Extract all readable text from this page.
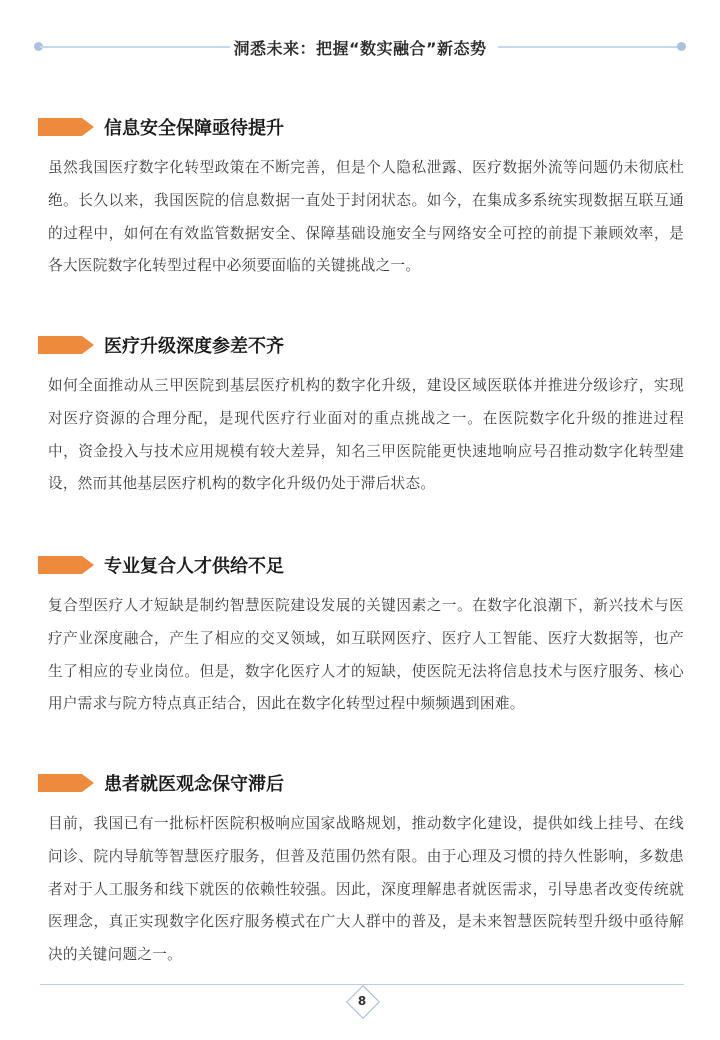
洞悉未来：把握“数实融合”新态势
信息安全保障亟待提升
虽然我国医疗数字化转型政策在不断完善，但是个人隐私泄露、医疗数据外流等问题仍未彻底杜绝。长久以来，我国医院的信息数据一直处于封闭状态。如今，在集成多系统实现数据互联互通的过程中，如何在有效监管数据安全、保障基础设施安全与网络安全可控的前提下兼顾效率，是各大医院数字化转型过程中必须要面临的关键挑战之一。
医疗升级深度参差不齐
如何全面推动从三甲医院到基层医疗机构的数字化升级，建设区域医联体并推进分级诊疗，实现对医疗资源的合理分配，是现代医疗行业面对的重点挑战之一。在医院数字化升级的推进过程中，资金投入与技术应用规模有较大差异，知名三甲医院能更快速地响应号召推动数字化转型建设，然而其他基层医疗机构的数字化升级仍处于滞后状态。
专业复合人才供给不足
复合型医疗人才短缺是制约智慧医院建设发展的关键因素之一。在数字化浪潮下，新兴技术与医疗产业深度融合，产生了相应的交叉领域，如互联网医疗、医疗人工智能、医疗大数据等，也产生了相应的专业岗位。但是，数字化医疗人才的短缺，使医院无法将信息技术与医疗服务、核心用户需求与院方特点真正结合，因此在数字化转型过程中频频遇到困难。
患者就医观念保守滞后
目前，我国已有一批标杆医院积极响应国家战略规划，推动数字化建设，提供如线上挂号、在线问诊、院内导航等智慧医疗服务，但普及范围仍然有限。由于心理及习惯的持久性影响，多数患者对于人工服务和线下就医的依赖性较强。因此，深度理解患者就医需求，引导患者改变传统就医理念，真正实现数字化医疗服务模式在广大人群中的普及，是未来智慧医院转型升级中亟待解决的关键问题之一。
8
